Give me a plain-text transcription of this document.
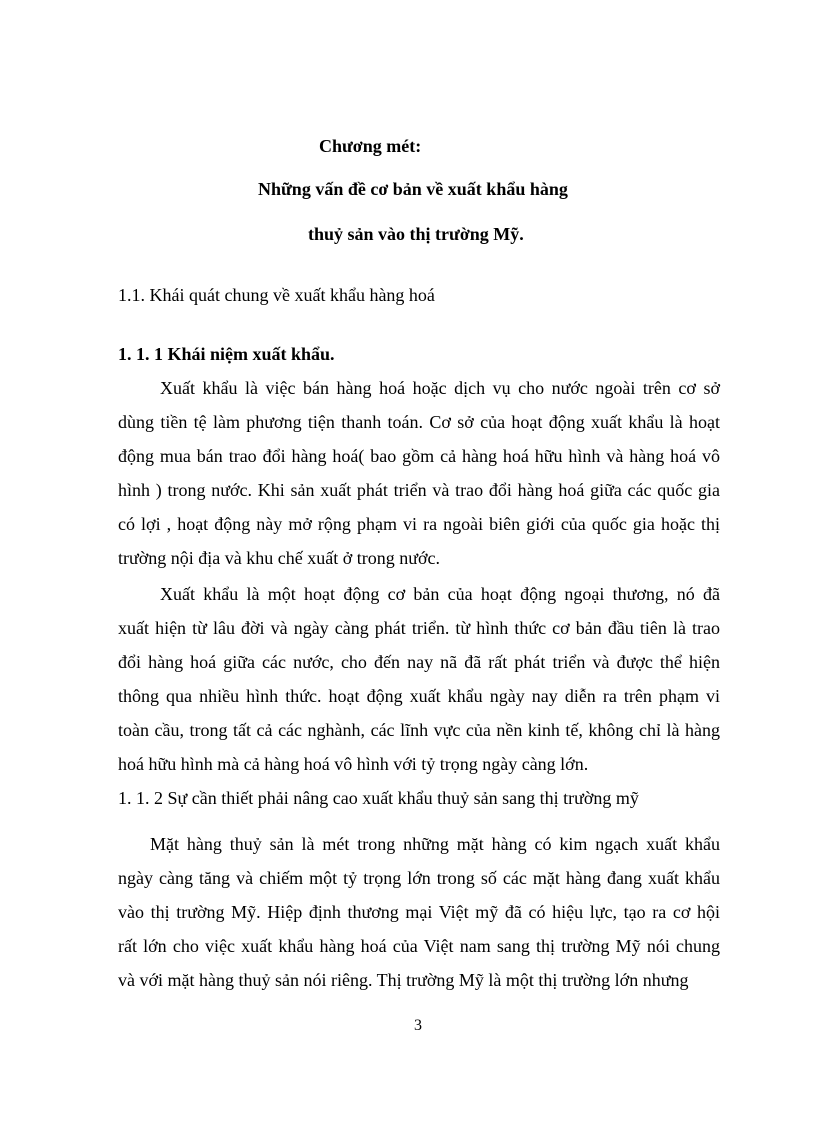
Chương mét:
Những vấn đề cơ bản về xuất khẩu hàng
thuỷ sản vào thị trường Mỹ.
1.1. Khái quát chung về xuất khẩu hàng hoá
1. 1. 1 Khái niệm xuất khẩu.
Xuất khẩu là việc bán hàng hoá hoặc dịch vụ cho nước ngoài trên cơ sở
dùng tiền tệ làm phương tiện thanh toán. Cơ sở của hoạt động xuất khẩu là hoạt
động mua bán trao đổi hàng hoá( bao gồm cả hàng hoá hữu hình và hàng hoá vô
hình ) trong nước. Khi sản xuất phát triển và trao đổi hàng hoá giữa các quốc gia
có lợi , hoạt động này mở rộng phạm vi ra ngoài biên giới của quốc gia hoặc thị
trường nội địa và khu chế xuất ở trong nước.
Xuất khẩu là một hoạt động cơ bản của hoạt động ngoại thương, nó đã
xuất hiện từ lâu đời và ngày càng phát triển. từ hình thức cơ bản đầu tiên là trao
đổi hàng hoá giữa các nước, cho đến nay nã đã rất phát triển và được thể hiện
thông qua nhiều hình thức. hoạt động xuất khẩu ngày nay diễn ra trên phạm vi
toàn cầu, trong tất cả các nghành, các lĩnh vực của nền kinh tế, không chỉ là hàng
hoá hữu hình mà cả hàng hoá vô hình với tỷ trọng ngày càng lớn.
1. 1. 2 Sự cần thiết phải nâng cao xuất khẩu thuỷ sản sang thị trường mỹ
Mặt hàng thuỷ sản là mét trong những mặt hàng có kim ngạch xuất khẩu
ngày càng tăng và chiếm một tỷ trọng lớn trong số các mặt hàng đang xuất khẩu
vào thị trường Mỹ. Hiệp định thương mại Việt mỹ đã có hiệu lực, tạo ra cơ hội
rất lớn cho việc xuất khẩu hàng hoá của Việt nam sang thị trường Mỹ nói chung
và với mặt hàng thuỷ sản nói riêng. Thị trường Mỹ là một thị trường lớn nhưng
3
